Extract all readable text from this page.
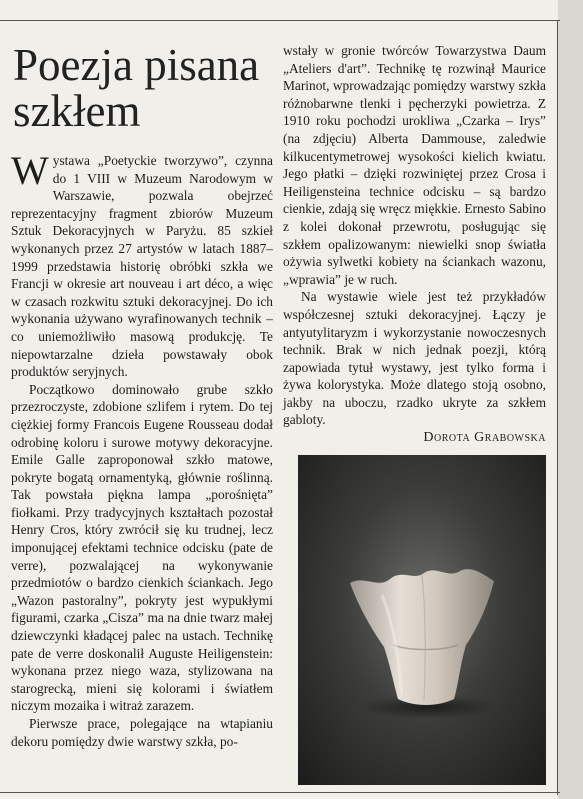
Poezja pisana szkłem

Wystawa „Poetyckie tworzywo”, czynna do 1 VIII w Muzeum Narodowym w Warszawie, pozwala obejrzeć reprezentacyjny fragment zbiorów Muzeum Sztuk Dekoracyjnych w Paryżu. 85 szkieł wykonanych przez 27 artystów w latach 1887–1999 przedstawia historię obróbki szkła we Francji w okresie art nouveau i art déco, a więc w czasach rozkwitu sztuki dekoracyjnej. Do ich wykonania używano wyrafinowanych technik – co uniemożliwiło masową produkcję. Te niepowtarzalne dzieła powstawały obok produktów seryjnych.

Początkowo dominowało grube szkło przezroczyste, zdobione szlifem i rytem. Do tej ciężkiej formy Francois Eugene Rousseau dodał odrobinę koloru i surowe motywy dekoracyjne. Emile Galle zaproponował szkło matowe, pokryte bogatą ornamentyką, głównie roślinną. Tak powstała piękna lampa „porośnięta” fiołkami. Przy tradycyjnych kształtach pozostał Henry Cros, który zwrócił się ku trudnej, lecz imponującej efektami technice odcisku (pate de verre), pozwalającej na wykonywanie przedmiotów o bardzo cienkich ściankach. Jego „Wazon pastoralny”, pokryty jest wypukłymi figurami, czarka „Cisza” ma na dnie twarz małej dziewczynki kładącej palec na ustach. Technikę pate de verre doskonalił Auguste Heiligenstein: wykonana przez niego waza, stylizowana na starogrecką, mieni się kolorami i światłem niczym mozaika i witraż zarazem.

Pierwsze prace, polegające na wtapianiu dekoru pomiędzy dwie warstwy szkła, po-

wstały w gronie twórców Towarzystwa Daum „Ateliers d'art”. Technikę tę rozwinął Maurice Marinot, wprowadzając pomiędzy warstwy szkła różnobarwne tlenki i pęcherzyki powietrza. Z 1910 roku pochodzi urokliwa „Czarka – Irys” (na zdjęciu) Alberta Dammouse, zaledwie kilkucentymetrowej wysokości kielich kwiatu. Jego płatki – dzięki rozwiniętej przez Crosa i Heiligensteina technice odcisku – są bardzo cienkie, zdają się wręcz miękkie. Ernesto Sabino z kolei dokonał przewrotu, posługując się szkłem opalizowanym: niewielki snop światła ożywia sylwetki kobiety na ściankach wazonu, „wprawia” je w ruch.

Na wystawie wiele jest też przykładów współczesnej sztuki dekoracyjnej. Łączy je antyutylitaryzm i wykorzystanie nowoczesnych technik. Brak w nich jednak poezji, którą zapowiada tytuł wystawy, jest tylko forma i żywa kolorystyka. Może dlatego stoją osobno, jakby na uboczu, rzadko ukryte za szkłem gabloty.

Dorota Grabowska
